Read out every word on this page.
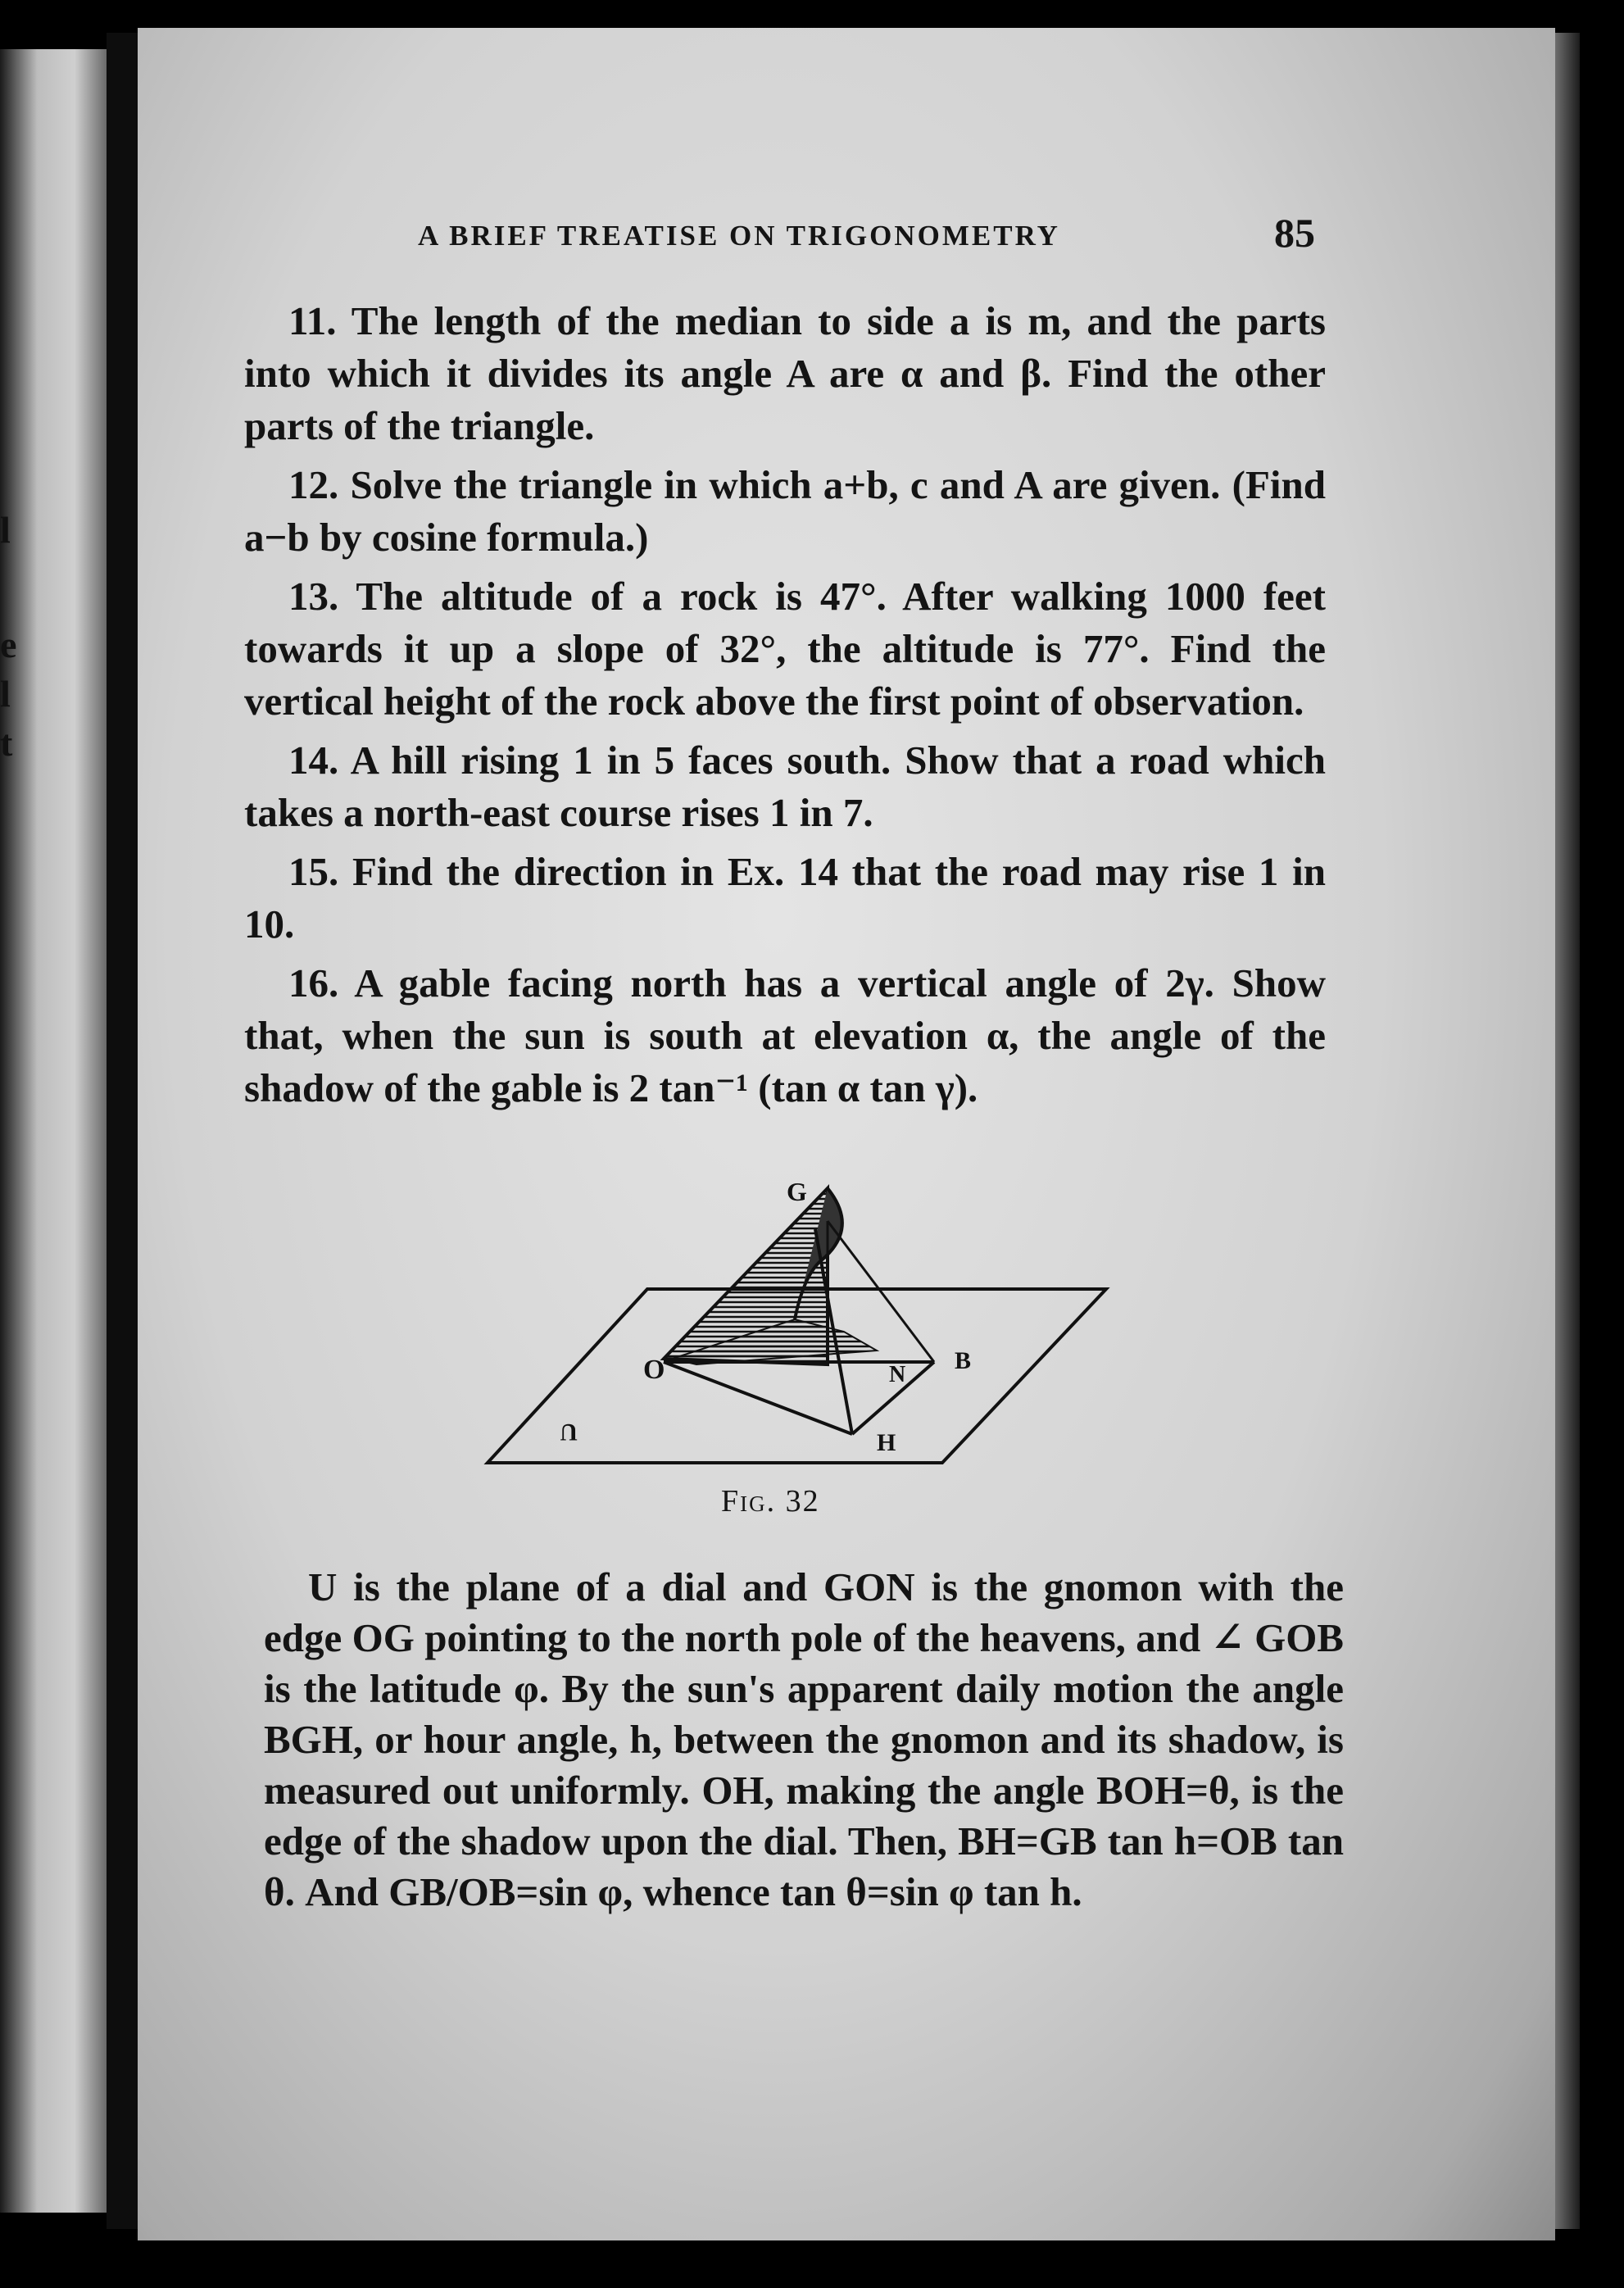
l
e
l
t
A BRIEF TREATISE ON TRIGONOMETRY	85

11. The length of the median to side a is m, and the parts into which it divides its angle A are α and β. Find the other parts of the triangle.

12. Solve the triangle in which a+b, c and A are given. (Find a−b by cosine formula.)

13. The altitude of a rock is 47°. After walking 1000 feet towards it up a slope of 32°, the altitude is 77°. Find the vertical height of the rock above the first point of observation.

14. A hill rising 1 in 5 faces south. Show that a road which takes a north-east course rises 1 in 7.

15. Find the direction in Ex. 14 that the road may rise 1 in 10.

16. A gable facing north has a vertical angle of 2γ. Show that, when the sun is south at elevation α, the angle of the shadow of the gable is 2 tan⁻¹ (tan α tan γ).

G
O	N
B
H
U
Fig. 32

U is the plane of a dial and GON is the gnomon with the edge OG pointing to the north pole of the heavens, and ∠ GOB is the latitude φ. By the sun's apparent daily motion the angle BGH, or hour angle, h, between the gnomon and its shadow, is measured out uniformly. OH, making the angle BOH=θ, is the edge of the shadow upon the dial. Then, BH=GB tan h=OB tan θ. And GB/OB=sin φ, whence tan θ=sin φ tan h.
